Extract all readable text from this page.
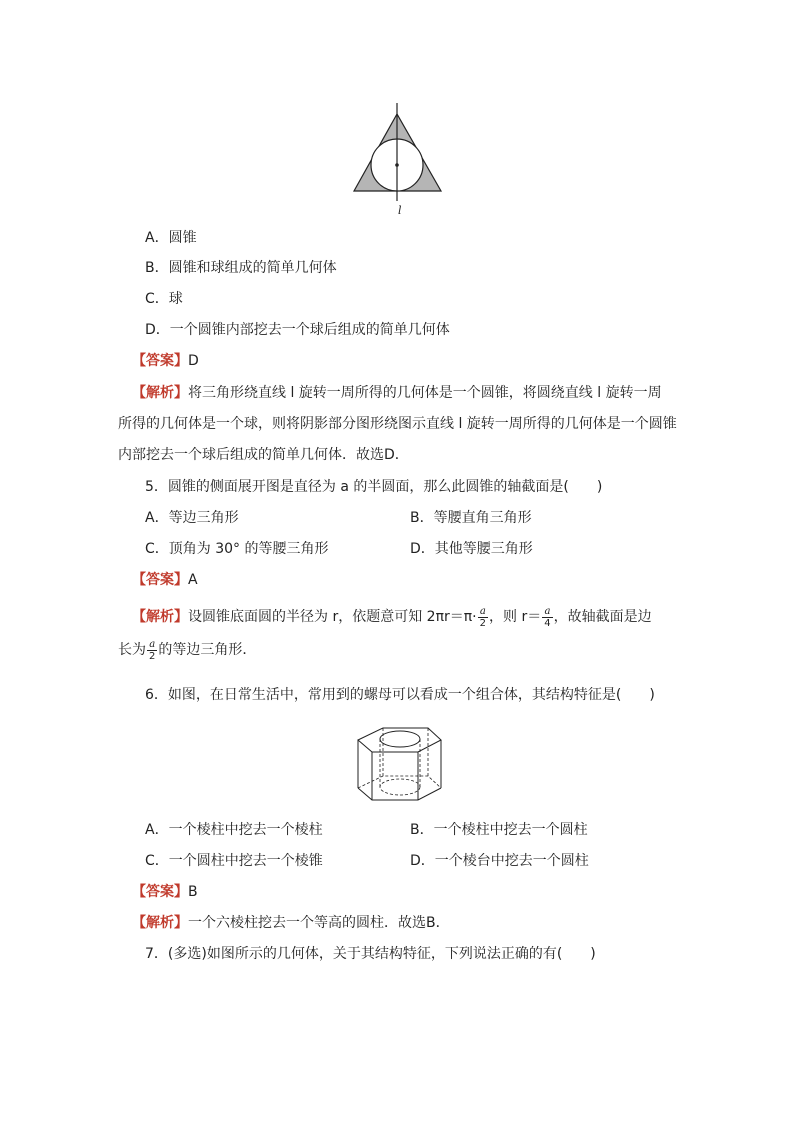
l
A．圆锥
B．圆锥和球组成的简单几何体
C．球
D．一个圆锥内部挖去一个球后组成的简单几何体
【答案】D
【解析】将三角形绕直线 l 旋转一周所得的几何体是一个圆锥，将圆绕直线 l 旋转一周
所得的几何体是一个球，则将阴影部分图形绕图示直线 l 旋转一周所得的几何体是一个圆锥
内部挖去一个球后组成的简单几何体．故选D．
5．圆锥的侧面展开图是直径为 a 的半圆面，那么此圆锥的轴截面是(　　)
A．等边三角形	B．等腰直角三角形
C．顶角为 30° 的等腰三角形	D．其他等腰三角形
【答案】A
【解析】设圆锥底面圆的半径为 r，依题意可知 $2\pi r=\pi\cdot \frac{a}{2}$ ，则 $r= \frac{a}{4}$ ，故轴截面是边
长为 $\frac{a}{2}$ 的等边三角形．
6．如图，在日常生活中，常用到的螺母可以看成一个组合体，其结构特征是(　　)
A．一个棱柱中挖去一个棱柱	B．一个棱柱中挖去一个圆柱
C．一个圆柱中挖去一个棱锥	D．一个棱台中挖去一个圆柱
【答案】B
【解析】一个六棱柱挖去一个等高的圆柱．故选B．
7．(多选)如图所示的几何体，关于其结构特征，下列说法正确的有(　　)
